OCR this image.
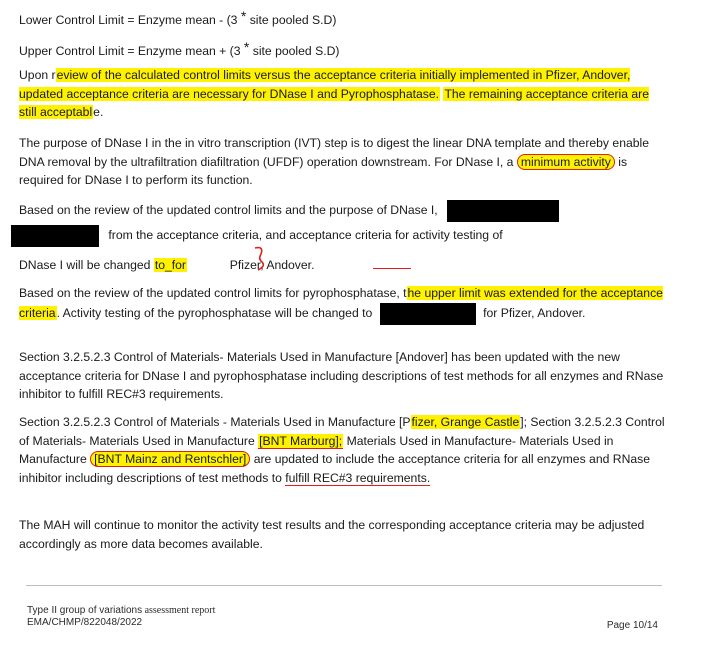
Lower Control Limit = Enzyme mean - (3 * site pooled S.D)
Upper Control Limit = Enzyme mean + (3 * site pooled S.D)

Upon review of the calculated control limits versus the acceptance criteria initially implemented in Pfizer, Andover, updated acceptance criteria are necessary for DNase I and Pyrophosphatase. The remaining acceptance criteria are still acceptable.

The purpose of DNase I in the in vitro transcription (IVT) step is to digest the linear DNA template and thereby enable DNA removal by the ultrafiltration diafiltration (UFDF) operation downstream. For DNase I, a minimum activity is required for DNase I to perform its function.

Based on the review of the updated control limits and the purpose of DNase I,
from the acceptance criteria, and acceptance criteria for activity testing of
DNase I will be changed to_for	Pfizer, Andover.

Based on the review of the updated control limits for pyrophosphatase, the upper limit was extended for the acceptance criteria. Activity testing of the pyrophosphatase will be changed to	for Pfizer, Andover.

Section 3.2.5.2.3 Control of Materials- Materials Used in Manufacture [Andover] has been updated with the new acceptance criteria for DNase I and pyrophosphatase including descriptions of test methods for all enzymes and RNase inhibitor to fulfill REC#3 requirements.

Section 3.2.5.2.3 Control of Materials - Materials Used in Manufacture [Pfizer, Grange Castle]; Section 3.2.5.2.3 Control of Materials- Materials Used in Manufacture [BNT Marburg]; Materials Used in Manufacture- Materials Used in Manufacture [BNT Mainz and Rentschler] are updated to include the acceptance criteria for all enzymes and RNase inhibitor including descriptions of test methods to fulfill REC#3 requirements.

The MAH will continue to monitor the activity test results and the corresponding acceptance criteria may be adjusted accordingly as more data becomes available.

Type II group of variations assessment report
EMA/CHMP/822048/2022	Page 10/14
